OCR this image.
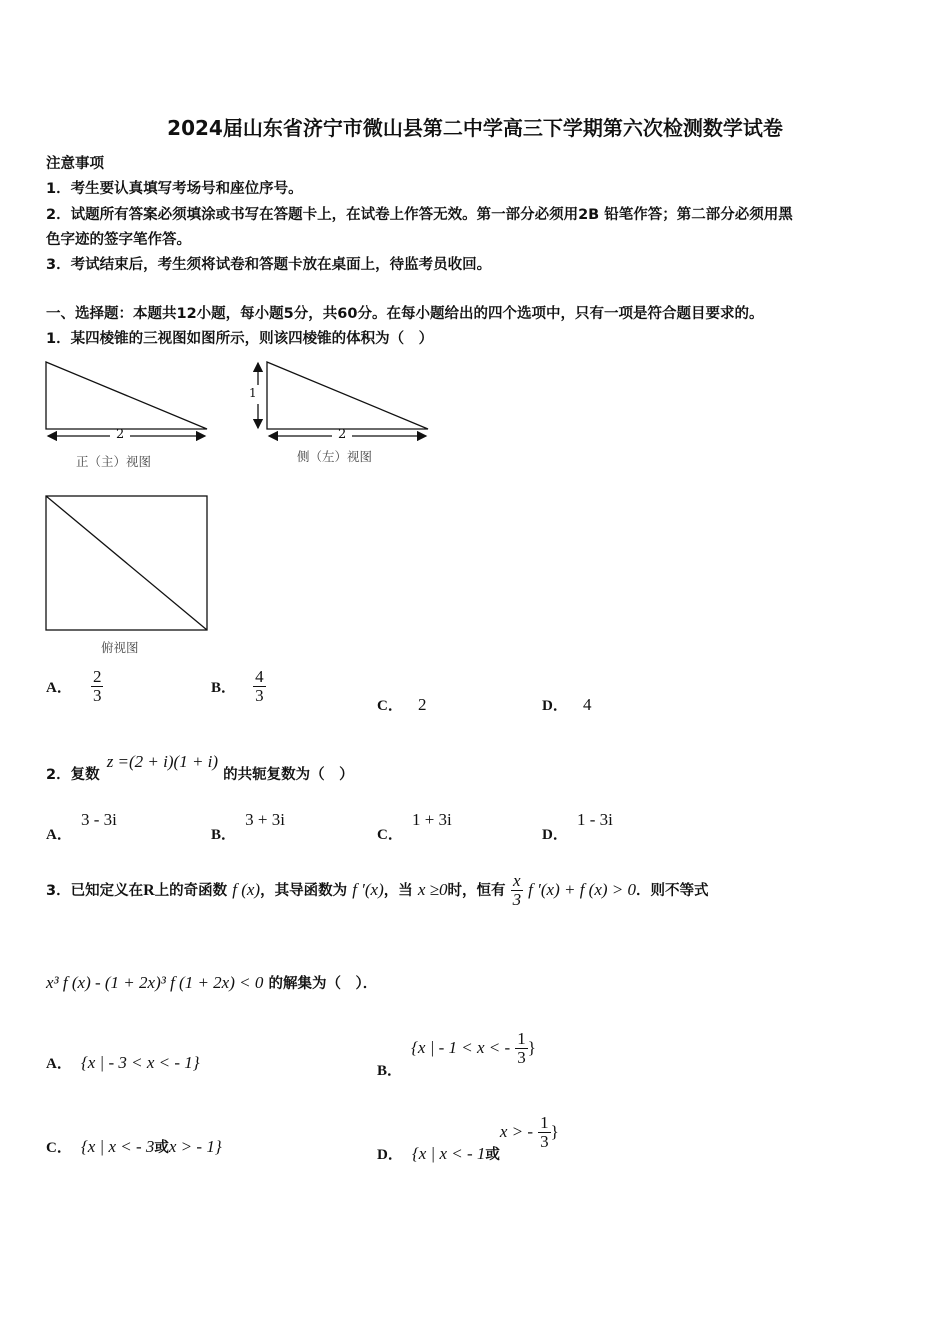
2024届山东省济宁市微山县第二中学高三下学期第六次检测数学试卷
注意事项
1．考生要认真填写考场号和座位序号。
2．试题所有答案必须填涂或书写在答题卡上，在试卷上作答无效。第一部分必须用2B 铅笔作答；第二部分必须用黑
色字迹的签字笔作答。
3．考试结束后，考生须将试卷和答题卡放在桌面上，待监考员收回。
一、选择题：本题共12小题，每小题5分，共60分。在每小题给出的四个选项中，只有一项是符合题目要求的。
1．某四棱锥的三视图如图所示，则该四棱锥的体积为（　）
2
正（主）视图
1
2
侧（左）视图
俯视图
A． $\frac{2}{3}$	B． $\frac{4}{3}$
C． 2	D． 4
2．复数 z =(2 + i)(1 + i) 的共轭复数为（　）
A． 3 - 3i
B． 3 + 3i
C． 1 + 3i
D． 1 - 3i
3．已知定义在R上的奇函数 f (x)，其导函数为 f ′(x)，当 x ≥0时，恒有 $\frac{x}{3}$ f ′(x) + f (x) > 0．则不等式
x³ f (x) - (1 + 2x)³ f (1 + 2x) < 0 的解集为（　）．
A． {x | - 3 < x < - 1}	B． {x | - 1 < x < - $\frac{1}{3}$ }
C． {x | x < - 3或x > - 1}	D． {x | x < - 1或x > - $\frac{1}{3}$ }
